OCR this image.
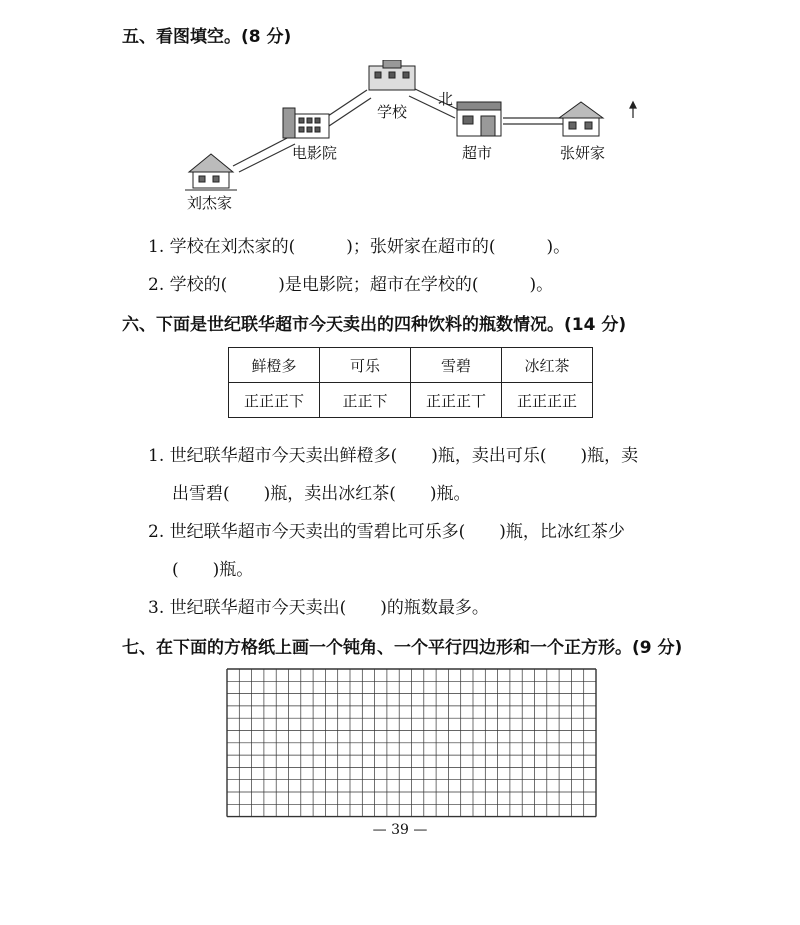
五、看图填空。(8 分)
北
刘杰家
电影院
学校
超市	张妍家
1. 学校在刘杰家的(　　　)；张妍家在超市的(　　　)。
2. 学校的(　　　)是电影院；超市在学校的(　　　)。
六、下面是世纪联华超市今天卖出的四种饮料的瓶数情况。(14 分)
鲜橙多	可乐	雪碧	冰红茶
正正正下	正正下	正正正丅	正正正正
1. 世纪联华超市今天卖出鲜橙多(　　)瓶，卖出可乐(　　)瓶，卖
出雪碧(　　)瓶，卖出冰红茶(　　)瓶。
2. 世纪联华超市今天卖出的雪碧比可乐多(　　)瓶，比冰红茶少
(　　)瓶。
3. 世纪联华超市今天卖出(　　)的瓶数最多。
七、在下面的方格纸上画一个钝角、一个平行四边形和一个正方形。(9 分)
— 39 —
